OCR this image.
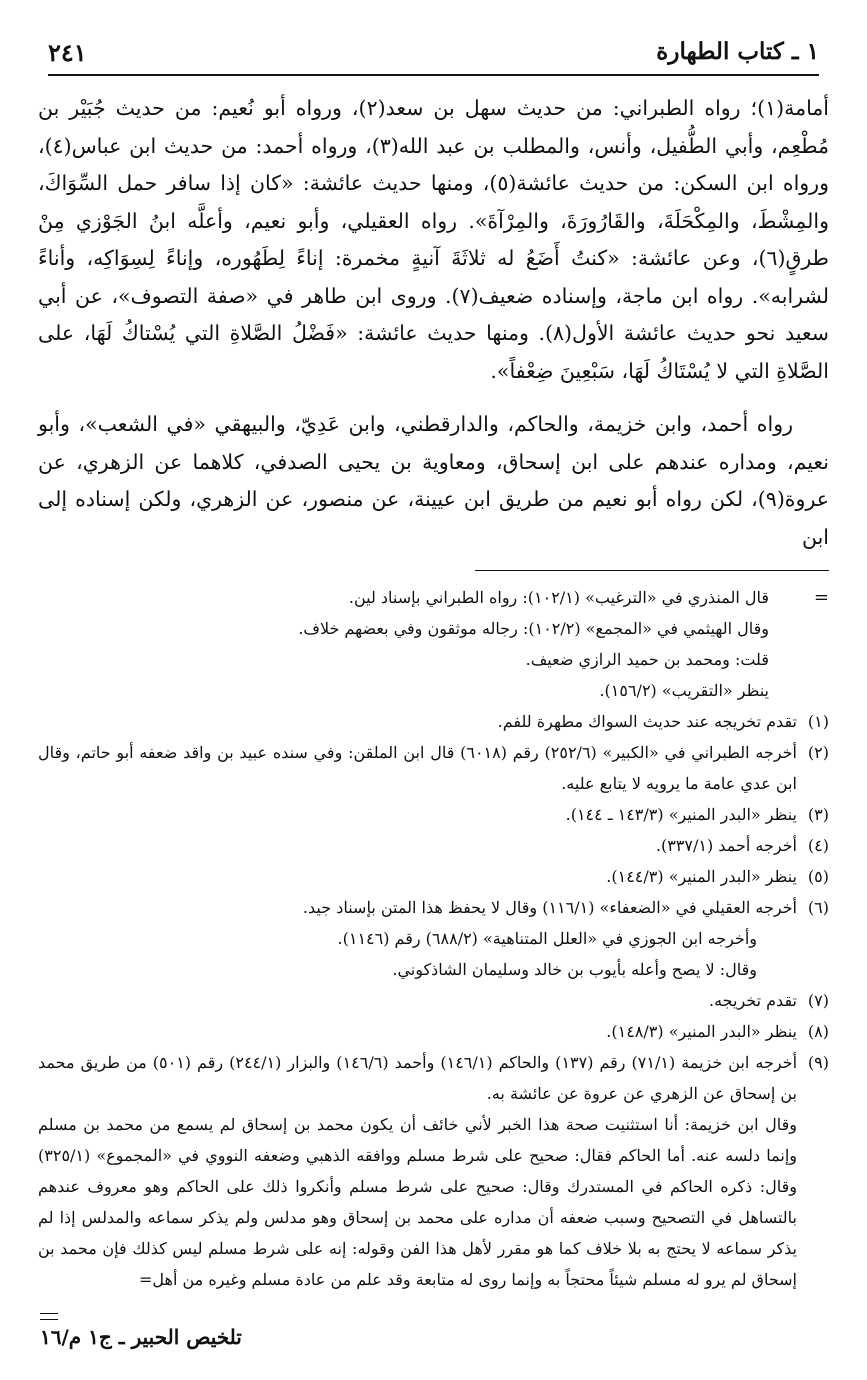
١ ـ كتاب الطهارة
٢٤١

أمامة(١)؛ رواه الطبراني: من حديث سهل بن سعد(٢)، ورواه أبو نُعيم: من حديث جُبَيْر بن مُطْعِم، وأبي الطُّفيل، وأنس، والمطلب بن عبد الله(٣)، ورواه أحمد: من حديث ابن عباس(٤)، ورواه ابن السكن: من حديث عائشة(٥)، ومنها حديث عائشة: «كان إذا سافر حمل السِّوَاكَ، والمِشْطَ، والمِكْحَلَةَ، والقَارُورَةَ، والمِرْآةَ». رواه العقيلي، وأبو نعيم، وأعلَّه ابنُ الجَوْزي مِنْ طرقٍ(٦)، وعن عائشة: «كنتُ أَضَعُ له ثلاثَةَ آنيةٍ مخمرة: إناءً لِطَهُوره، وإناءً لِسِوَاكِه، وأناءً لشرابه». رواه ابن ماجة، وإسناده ضعيف(٧). وروى ابن طاهر في «صفة التصوف»، عن أبي سعيد نحو حديث عائشة الأول(٨). ومنها حديث عائشة: «فَضْلُ الصَّلاةِ التي يُسْتاكُ لَهَا، على الصَّلاةِ التي لا يُسْتَاكُ لَهَا، سَبْعِينَ ضِعْفاً».

رواه أحمد، وابن خزيمة، والحاكم، والدارقطني، وابن عَدِيّ، والبيهقي «في الشعب»، وأبو نعيم، ومداره عندهم على ابن إسحاق، ومعاوية بن يحيى الصدفي، كلاهما عن الزهري، عن عروة(٩)، لكن رواه أبو نعيم من طريق ابن عيينة، عن منصور، عن الزهري، ولكن إسناده إلى ابن

=
قال المنذري في «الترغيب» (١٠٢/١): رواه الطبراني بإسناد لين.
وقال الهيثمي في «المجمع» (١٠٢/٢): رجاله موثقون وفي بعضهم خلاف.
قلت: ومحمد بن حميد الرازي ضعيف.
ينظر «التقريب» (١٥٦/٢).
(١)
تقدم تخريجه عند حديث السواك مطهرة للفم.
(٢)
أخرجه الطبراني في «الكبير» (٢٥٢/٦) رقم (٦٠١٨) قال ابن الملقن: وفي سنده عبيد بن واقد ضعفه أبو حاتم، وقال ابن عدي عامة ما يرويه لا يتابع عليه.
(٣)
ينظر «البدر المنير» (١٤٣/٣ ـ ١٤٤).
(٤)
أخرجه أحمد (٣٣٧/١).
(٥)
ينظر «البدر المنير» (١٤٤/٣).
(٦)
أخرجه العقيلي في «الضعفاء» (١١٦/١) وقال لا يحفظ هذا المتن بإسناد جيد.
وأخرجه ابن الجوزي في «العلل المتناهية» (٦٨٨/٢) رقم (١١٤٦).
وقال: لا يصح وأعله بأيوب بن خالد وسليمان الشاذكوني.
(٧)
تقدم تخريجه.
(٨)
ينظر «البدر المنير» (١٤٨/٣).
(٩)
أخرجه ابن خزيمة (٧١/١) رقم (١٣٧) والحاكم (١٤٦/١) وأحمد (١٤٦/٦) والبزار (٢٤٤/١) رقم (٥٠١) من طريق محمد بن إسحاق عن الزهري عن عروة عن عائشة به.
وقال ابن خزيمة: أنا استثنيت صحة هذا الخبر لأني خائف أن يكون محمد بن إسحاق لم يسمع من محمد بن مسلم وإنما دلسه عنه. أما الحاكم فقال: صحيح على شرط مسلم ووافقه الذهبي وضعفه النووي في «المجموع» (٣٢٥/١) وقال: ذكره الحاكم في المستدرك وقال: صحيح على شرط مسلم وأنكروا ذلك على الحاكم وهو معروف عندهم بالتساهل في التصحيح وسبب ضعفه أن مداره على محمد بن إسحاق وهو مدلس ولم يذكر سماعه والمدلس إذا لم يذكر سماعه لا يحتج به بلا خلاف كما هو مقرر لأهل هذا الفن وقوله: إنه على شرط مسلم ليس كذلك فإن محمد بن إسحاق لم يرو له مسلم شيئاً محتجاً به وإنما روى له متابعة وقد علم من عادة مسلم وغيره من أهل=
تلخيص الحبير ـ ج١ م/١٦
